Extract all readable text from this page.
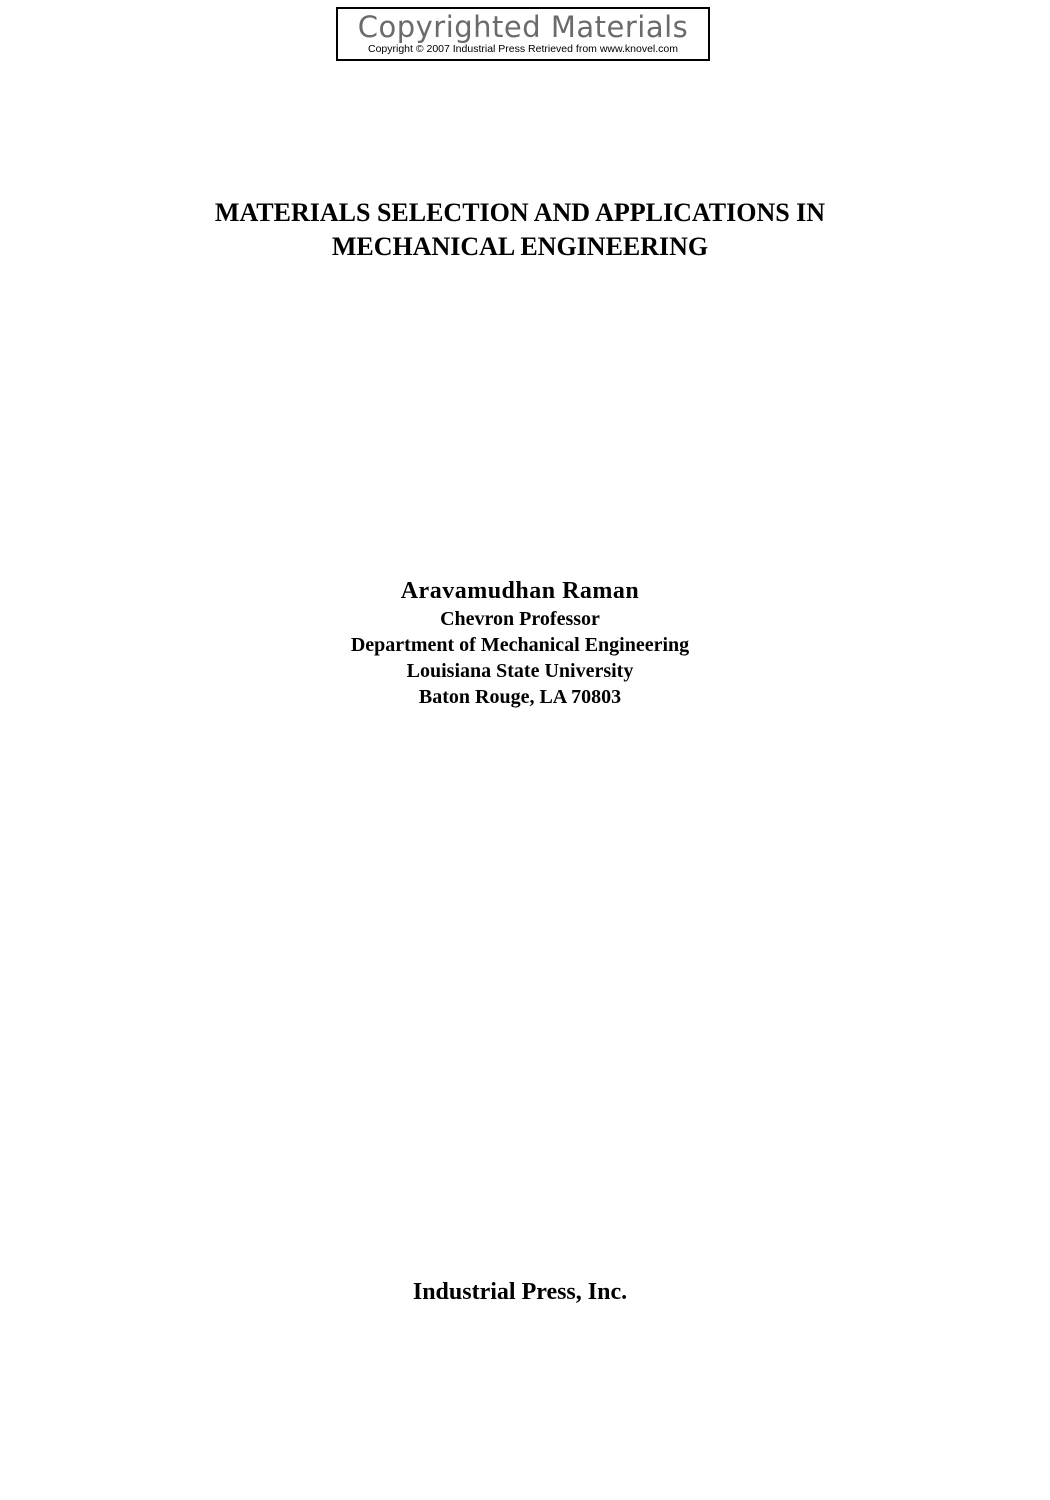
Copyrighted Materials
Copyright © 2007 Industrial Press Retrieved from www.knovel.com
MATERIALS SELECTION AND APPLICATIONS IN
MECHANICAL ENGINEERING
Aravamudhan Raman
Chevron Professor
Department of Mechanical Engineering
Louisiana State University
Baton Rouge, LA 70803
Industrial Press, Inc.
